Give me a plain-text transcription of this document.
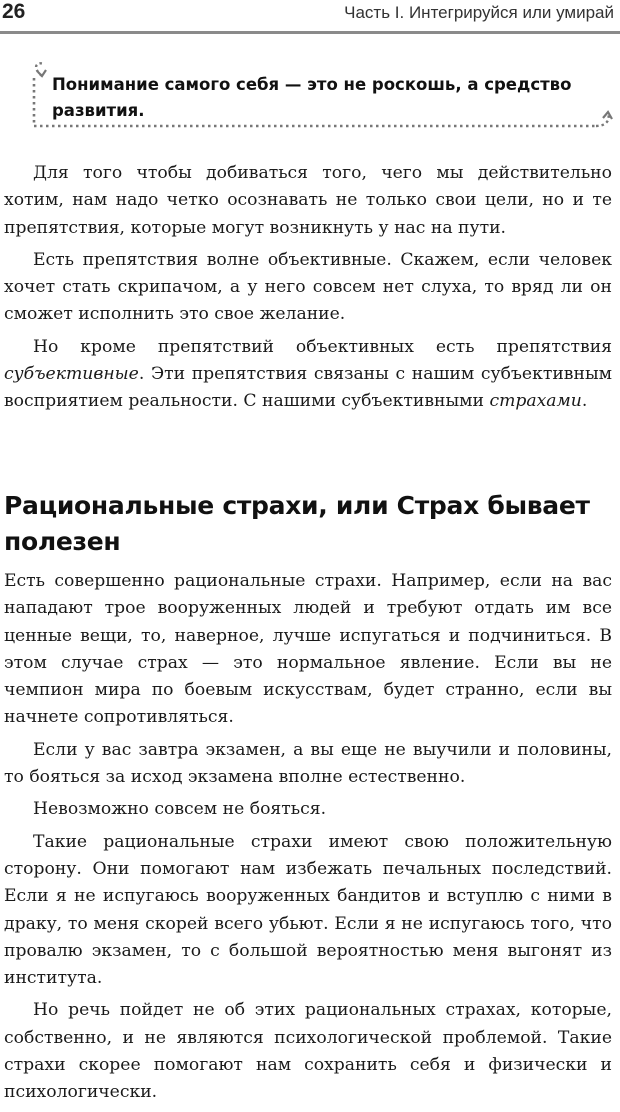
26	Часть I. Интегрируйся или умирай
Понимание самого себя — это не роскошь, а средство развития.

Для того чтобы добиваться того, чего мы действительно хотим, нам надо четко осознавать не только свои цели, но и те препятствия, которые могут возникнуть у нас на пути.

Есть препятствия волне объективные. Скажем, если человек хочет стать скрипачом, а у него совсем нет слуха, то вряд ли он сможет исполнить это свое желание.

Но кроме препятствий объективных есть препятствия субъективные. Эти препятствия связаны с нашим субъективным восприятием реальности. С нашими субъективными страхами.

Рациональные страхи, или Страх бывает полезен

Есть совершенно рациональные страхи. Например, если на вас нападают трое вооруженных людей и требуют отдать им все ценные вещи, то, наверное, лучше испугаться и подчиниться. В этом случае страх — это нормальное явление. Если вы не чемпион мира по боевым искусствам, будет странно, если вы начнете сопротивляться.

Если у вас завтра экзамен, а вы еще не выучили и половины, то бояться за исход экзамена вполне естественно.

Невозможно совсем не бояться.

Такие рациональные страхи имеют свою положительную сторону. Они помогают нам избежать печальных последствий. Если я не испугаюсь вооруженных бандитов и вступлю с ними в драку, то меня скорей всего убьют. Если я не испугаюсь того, что провалю экзамен, то с большой вероятностью меня выгонят из института.

Но речь пойдет не об этих рациональных страхах, которые, собственно, и не являются психологической проблемой. Такие страхи скорее помогают нам сохранить себя и физически и психологически.
